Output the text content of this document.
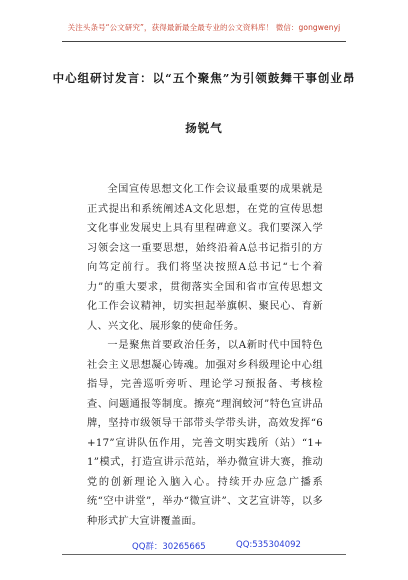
关注头条号“公文研究”，获得最新最全最专业的公文资料库！ 微信：gongwenyj
中心组研讨发言：以“五个聚焦”为引领鼓舞干事创业昂
扬锐气

全国宣传思想文化工作会议最重要的成果就是正式提出和系统阐述A文化思想，在党的宣传思想文化事业发展史上具有里程碑意义。我们要深入学习领会这一重要思想，始终沿着A总书记指引的方向笃定前行。我们将坚决按照A总书记“七个着力”的重大要求，贯彻落实全国和省市宣传思想文化工作会议精神，切实担起举旗帜、聚民心、育新人、兴文化、展形象的使命任务。

一是聚焦首要政治任务，以A新时代中国特色社会主义思想凝心铸魂。加强对乡科级理论中心组指导，完善巡听旁听、理论学习预报备、考核检查、问题通报等制度。擦亮“理润蛟河”特色宣讲品牌，坚持市级领导干部带头学带头讲，高效发挥“6+17”宣讲队伍作用，完善文明实践所（站）“1+1”模式，打造宣讲示范站，举办微宣讲大赛，推动党的创新理论入脑入心。持续开办应急广播系统“空中讲堂”，举办“微宣讲”、文艺宣讲等，以多种形式扩大宣讲覆盖面。

QQ群：30265665	QQ:535304092
